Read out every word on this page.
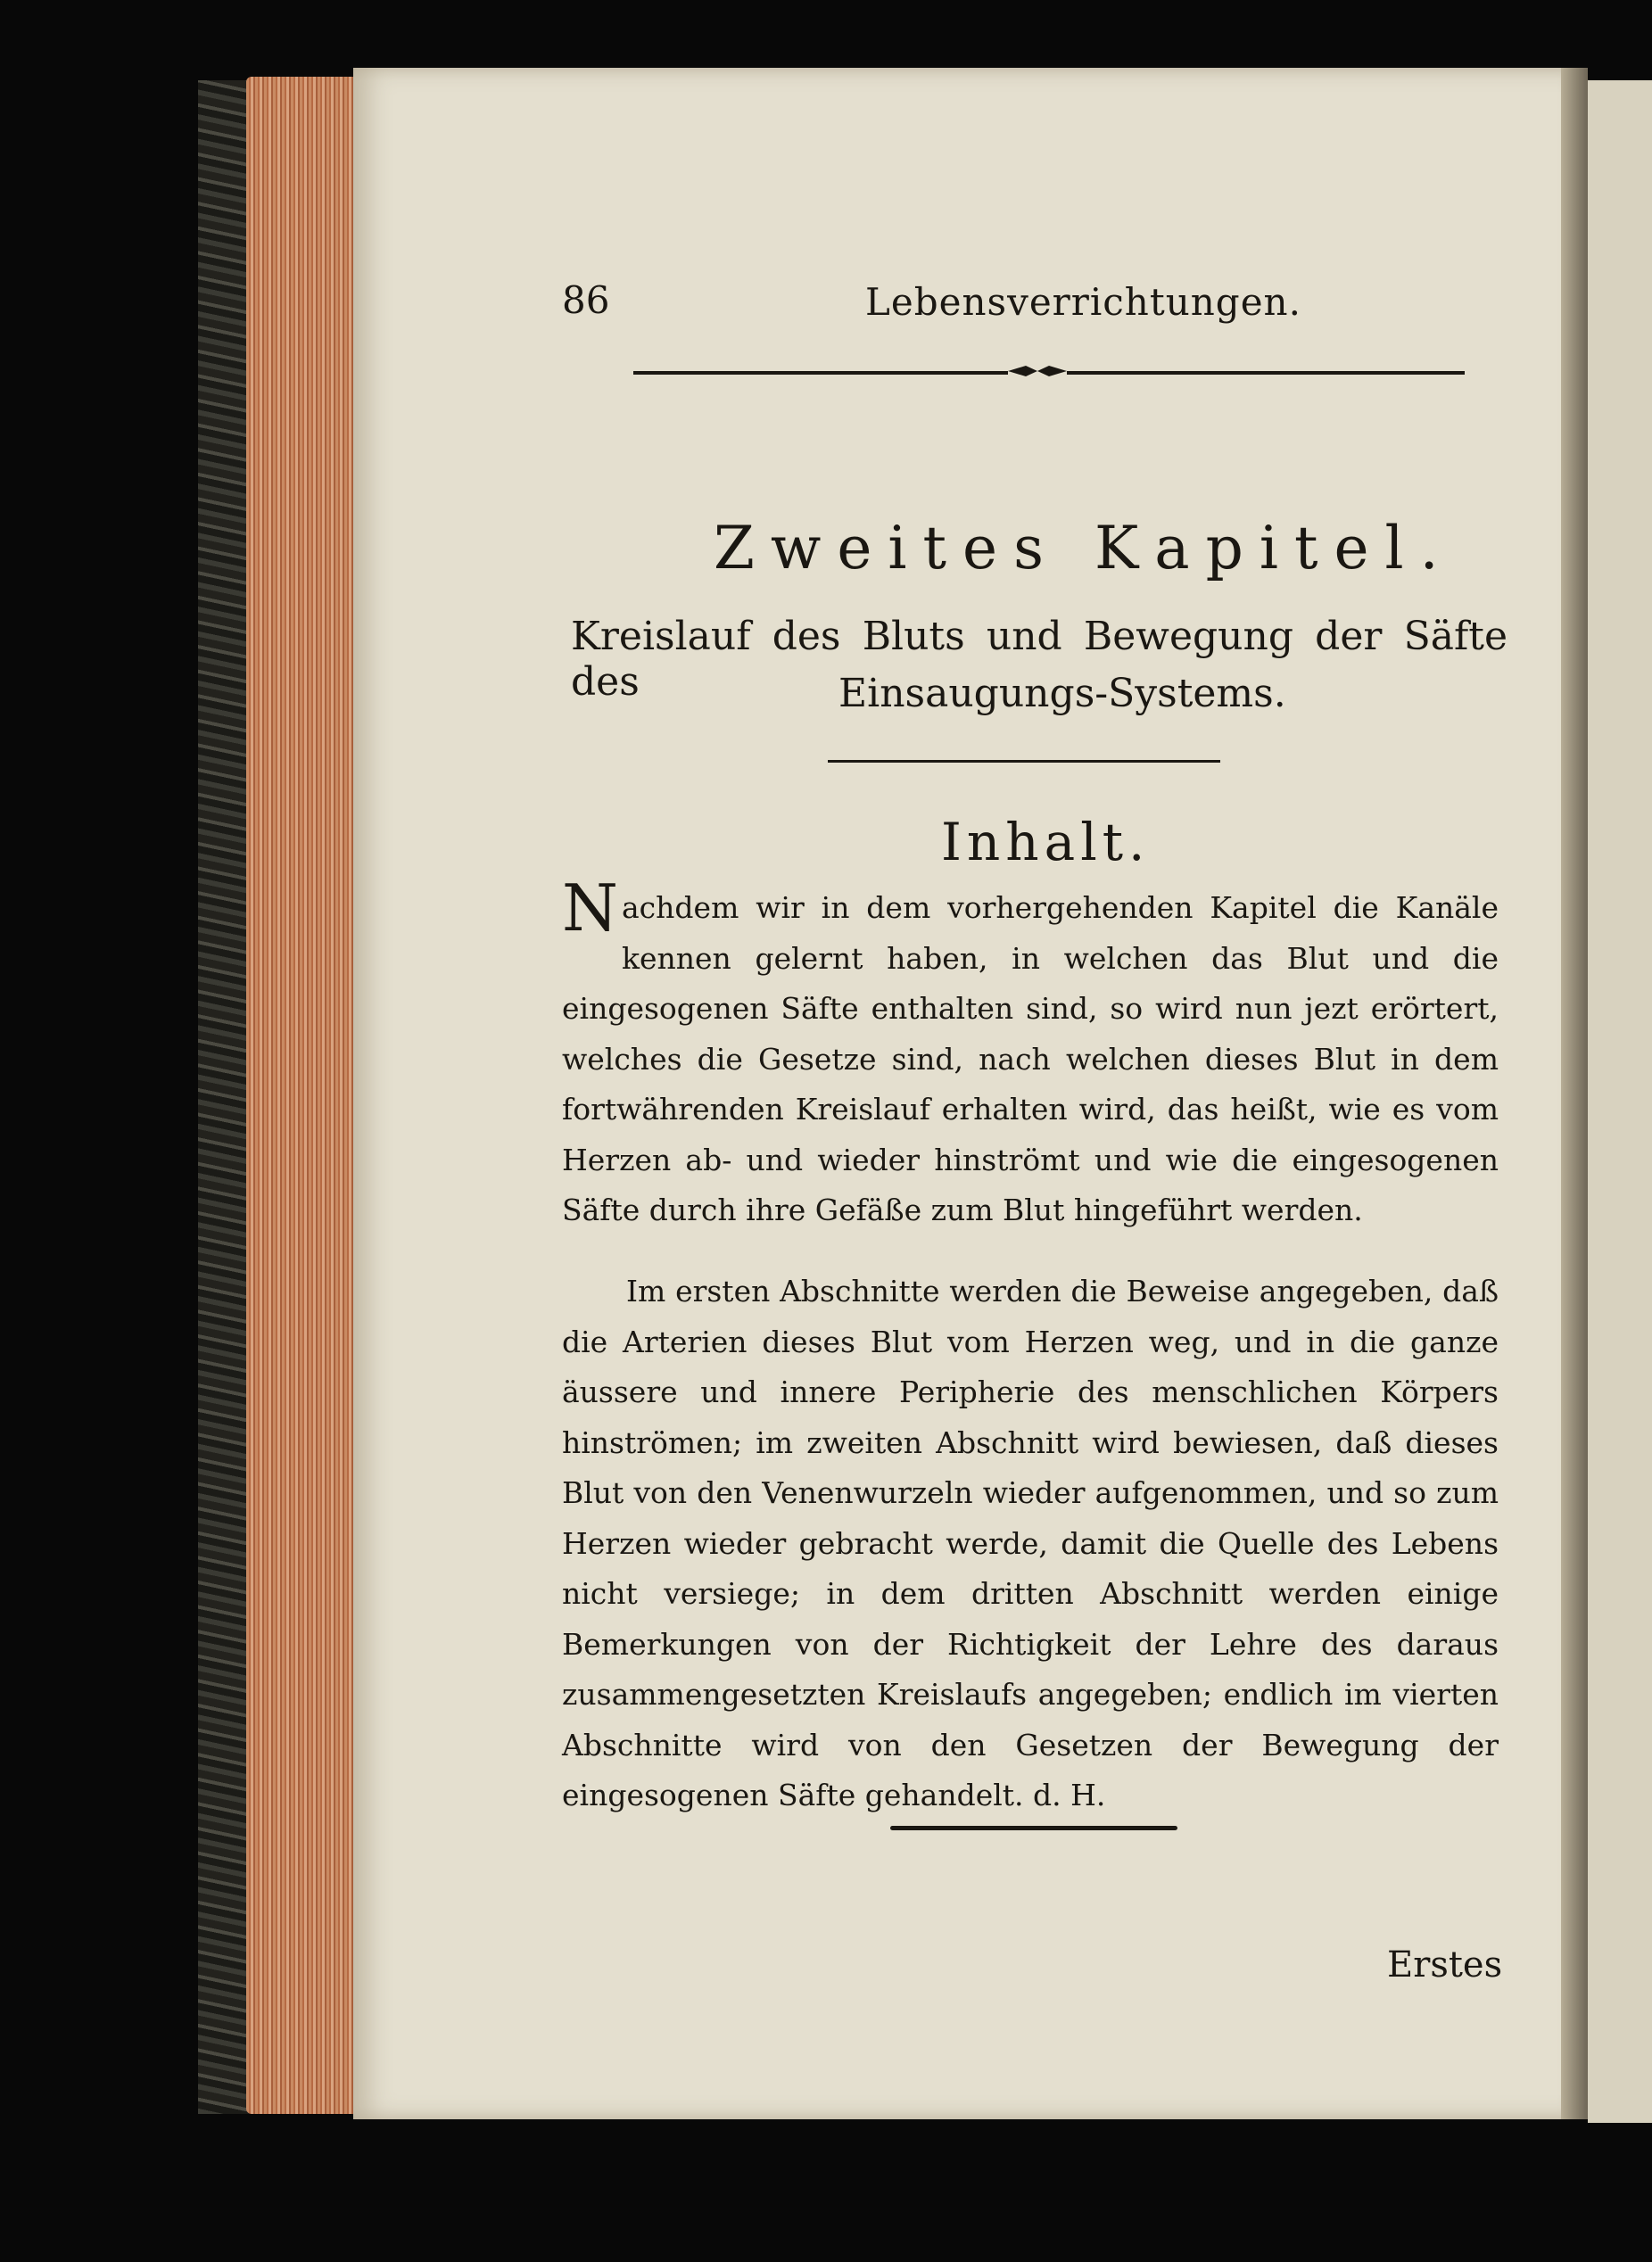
86	Lebensverrichtungen.
Zweites Kapitel.
Kreislauf des Bluts und Bewegung der Säfte des	Einsaugungs-Systems.
Inhalt.
Nachdem wir in dem vorhergehenden Kapitel die Kanäle kennen gelernt haben, in welchen das Blut und die eingesogenen Säfte enthalten sind, so wird nun jezt erörtert, welches die Gesetze sind, nach welchen dieses Blut in dem fortwährenden Kreislauf erhalten wird, das heißt, wie es vom Herzen ab- und wieder hinströmt und wie die eingesogenen Säfte durch ihre Gefäße zum Blut hingeführt werden.
Im ersten Abschnitte werden die Beweise angegeben, daß die Arterien dieses Blut vom Herzen weg, und in die ganze äussere und innere Peripherie des menschlichen Körpers hinströmen; im zweiten Abschnitt wird bewiesen, daß dieses Blut von den Venenwurzeln wieder aufgenommen, und so zum Herzen wieder gebracht werde, damit die Quelle des Lebens nicht versiege; in dem dritten Abschnitt werden einige Bemerkungen von der Richtigkeit der Lehre des daraus zusammengesetzten Kreislaufs angegeben; endlich im vierten Abschnitte wird von den Gesetzen der Bewegung der eingesogenen Säfte gehandelt. d. H.
Erstes
